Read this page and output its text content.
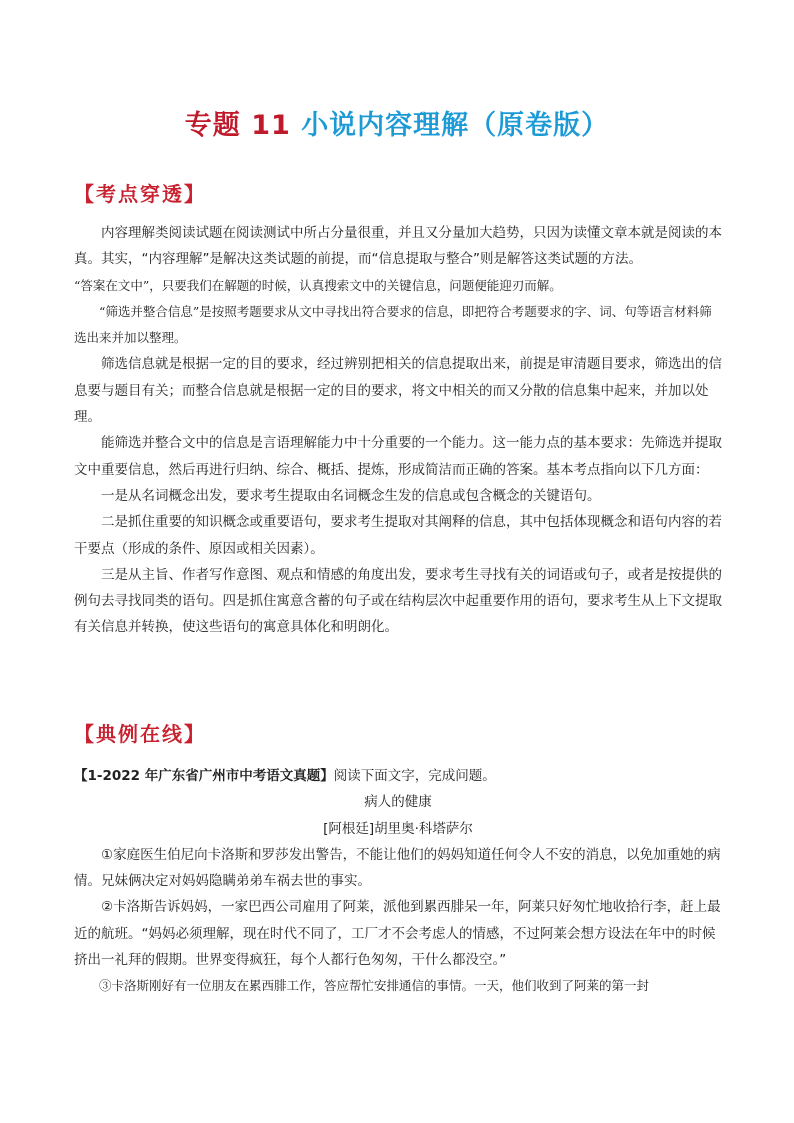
专题 11 小说内容理解（原卷版）
【考点穿透】

内容理解类阅读试题在阅读测试中所占分量很重，并且又分量加大趋势，只因为读懂文章本就是阅读的本真。其实，“内容理解”是解决这类试题的前提，而“信息提取与整合”则是解答这类试题的方法。

“答案在文中”，只要我们在解题的时候，认真搜索文中的关键信息，问题便能迎刃而解。

“筛选并整合信息”是按照考题要求从文中寻找出符合要求的信息，即把符合考题要求的字、词、句等语言材料筛选出来并加以整理。

筛选信息就是根据一定的目的要求，经过辨别把相关的信息提取出来，前提是审清题目要求，筛选出的信息要与题目有关；而整合信息就是根据一定的目的要求，将文中相关的而又分散的信息集中起来，并加以处理。

能筛选并整合文中的信息是言语理解能力中十分重要的一个能力。这一能力点的基本要求：先筛选并提取文中重要信息，然后再进行归纳、综合、概括、提炼，形成简洁而正确的答案。基本考点指向以下几方面：

一是从名词概念出发，要求考生提取由名词概念生发的信息或包含概念的关键语句。

二是抓住重要的知识概念或重要语句，要求考生提取对其阐释的信息，其中包括体现概念和语句内容的若干要点（形成的条件、原因或相关因素）。

三是从主旨、作者写作意图、观点和情感的角度出发，要求考生寻找有关的词语或句子，或者是按提供的例句去寻找同类的语句。四是抓住寓意含蓄的句子或在结构层次中起重要作用的语句，要求考生从上下文提取有关信息并转换，使这些语句的寓意具体化和明朗化。

【典例在线】

【1-2022 年广东省广州市中考语文真题】阅读下面文字，完成问题。

病人的健康

[阿根廷]胡里奥·科塔萨尔

①家庭医生伯尼向卡洛斯和罗莎发出警告，不能让他们的妈妈知道任何令人不安的消息，以免加重她的病情。兄妹俩决定对妈妈隐瞒弟弟车祸去世的事实。

②卡洛斯告诉妈妈，一家巴西公司雇用了阿莱，派他到累西腓呆一年，阿莱只好匆忙地收拾行李，赶上最近的航班。“妈妈必须理解，现在时代不同了，工厂才不会考虑人的情感，不过阿莱会想方设法在年中的时候挤出一礼拜的假期。世界变得疯狂，每个人都行色匆匆，干什么都没空。”

③卡洛斯刚好有一位朋友在累西腓工作，答应帮忙安排通信的事情。一天，他们收到了阿莱的第一封
